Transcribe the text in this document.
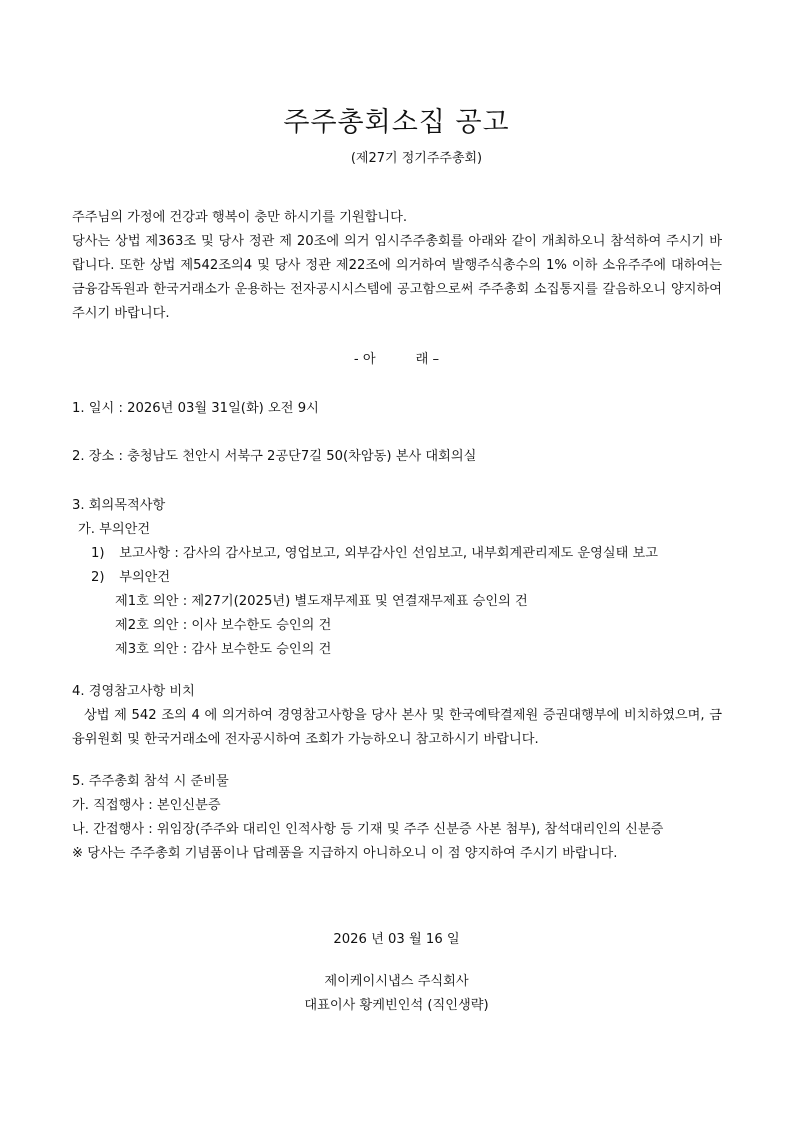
주주총회소집 공고
(제27기 정기주주총회)

주주님의 가정에 건강과 행복이 충만 하시기를 기원합니다.

당사는 상법 제363조 및 당사 정관 제 20조에 의거 임시주주총회를 아래와 같이 개최하오니 참석하여 주시기 바랍니다. 또한 상법 제542조의4 및 당사 정관 제22조에 의거하여 발행주식총수의 1% 이하 소유주주에 대하여는 금융감독원과 한국거래소가 운용하는 전자공시시스템에 공고함으로써 주주총회 소집통지를 갈음하오니 양지하여 주시기 바랍니다.

- 아	래 –
1. 일시 : 2026년 03월 31일(화) 오전 9시
2. 장소 : 충청남도 천안시 서북구 2공단7길 50(차암동) 본사 대회의실
3. 회의목적사항
가. 부의안건
1) 보고사항 : 감사의 감사보고, 영업보고, 외부감사인 선임보고, 내부회계관리제도 운영실태 보고
2) 부의안건
제1호 의안 : 제27기(2025년) 별도재무제표 및 연결재무제표 승인의 건
제2호 의안 : 이사 보수한도 승인의 건
제3호 의안 : 감사 보수한도 승인의 건
4. 경영참고사항 비치
상법 제 542 조의 4 에 의거하여 경영참고사항을 당사 본사 및 한국예탁결제원 증권대행부에 비치하였으며, 금융위원회 및 한국거래소에 전자공시하여 조회가 가능하오니 참고하시기 바랍니다.
5. 주주총회 참석 시 준비물
가. 직접행사 : 본인신분증
나. 간접행사 : 위임장(주주와 대리인 인적사항 등 기재 및 주주 신분증 사본 첨부), 참석대리인의 신분증
※ 당사는 주주총회 기념품이나 답례품을 지급하지 아니하오니 이 점 양지하여 주시기 바랍니다.
2026 년 03 월 16 일
제이케이시냅스 주식회사
대표이사 황케빈인석 (직인생략)
